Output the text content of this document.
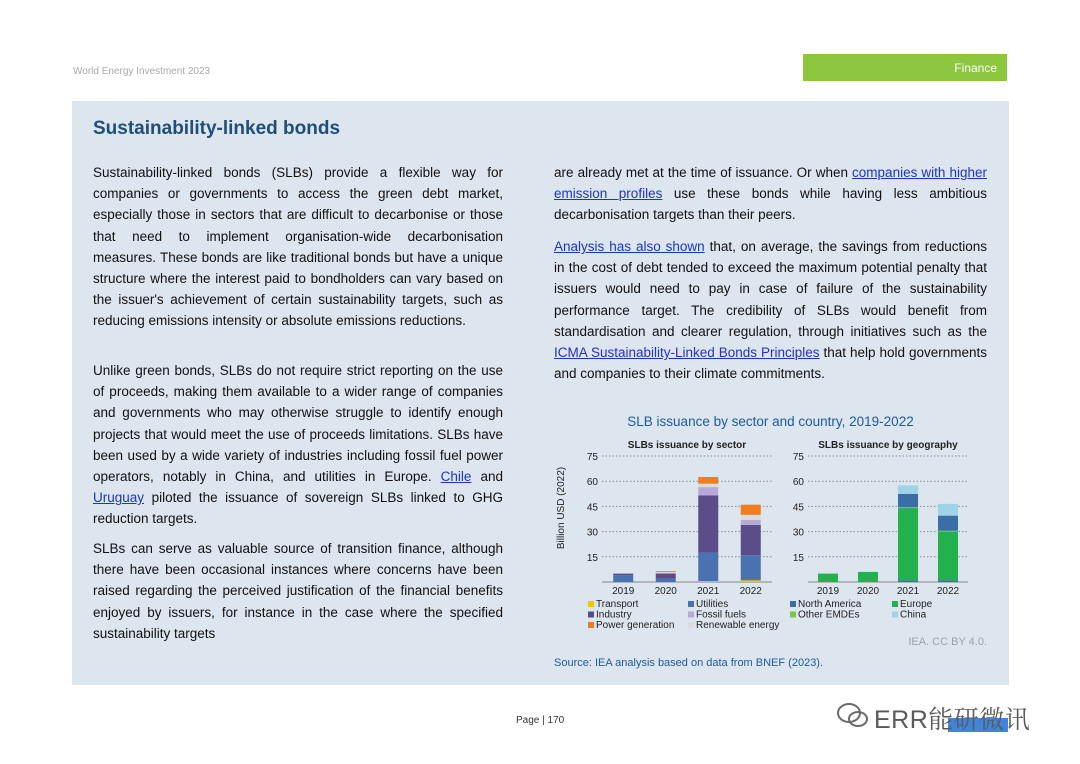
World Energy Investment 2023	Finance
Sustainability-linked bonds
Sustainability-linked bonds (SLBs) provide a flexible way for companies or governments to access the green debt market, especially those in sectors that are difficult to decarbonise or those that need to implement organisation-wide decarbonisation measures. These bonds are like traditional bonds but have a unique structure where the interest paid to bondholders can vary based on the issuer's achievement of certain sustainability targets, such as reducing emissions intensity or absolute emissions reductions.
Unlike green bonds, SLBs do not require strict reporting on the use of proceeds, making them available to a wider range of companies and governments who may otherwise struggle to identify enough projects that would meet the use of proceeds limitations. SLBs have been used by a wide variety of industries including fossil fuel power operators, notably in China, and utilities in Europe. Chile and Uruguay piloted the issuance of sovereign SLBs linked to GHG reduction targets.
SLBs can serve as valuable source of transition finance, although there have been occasional instances where concerns have been raised regarding the perceived justification of the financial benefits enjoyed by issuers, for instance in the case where the specified sustainability targets
are already met at the time of issuance. Or when companies with higher emission profiles use these bonds while having less ambitious decarbonisation targets than their peers.
Analysis has also shown that, on average, the savings from reductions in the cost of debt tended to exceed the maximum potential penalty that issuers would need to pay in case of failure of the sustainability performance target. The credibility of SLBs would benefit from standardisation and clearer regulation, through initiatives such as the ICMA Sustainability-Linked Bonds Principles that help hold governments and companies to their climate commitments.
SLB issuance by sector and country, 2019-2022
Billion USD (2022)
SLBs issuance by sector
15
30
45
60
75
2019 2020 2021 2022
SLBs issuance by geography
15
30
45
60
75
2019 2020 2021 2022
Transport
Industry
Power generation
Utilities
Fossil fuels
Renewable energy
North America
Other EMDEs
Europe
China
IEA. CC BY 4.0.
Source: IEA analysis based on data from BNEF (2023).
Page | 170	ERR能研微讯
